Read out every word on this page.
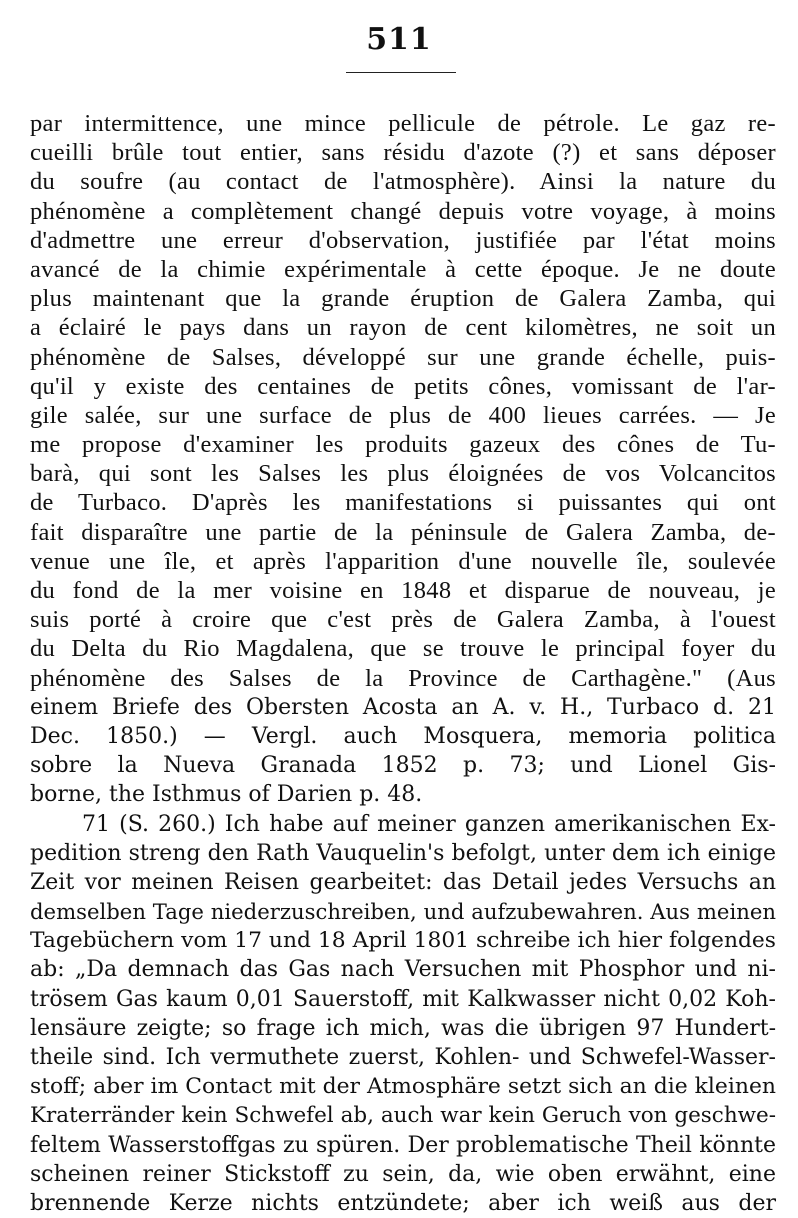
511
par intermittence, une mince pellicule de pétrole. Le gaz re-
cueilli brûle tout entier, sans résidu d'azote (?) et sans déposer
du soufre (au contact de l'atmosphère). Ainsi la nature du
phénomène a complètement changé depuis votre voyage, à moins
d'admettre une erreur d'observation, justifiée par l'état moins
avancé de la chimie expérimentale à cette époque. Je ne doute
plus maintenant que la grande éruption de Galera Zamba, qui
a éclairé le pays dans un rayon de cent kilomètres, ne soit un
phénomène de Salses, développé sur une grande échelle, puis-
qu'il y existe des centaines de petits cônes, vomissant de l'ar-
gile salée, sur une surface de plus de 400 lieues carrées. — Je
me propose d'examiner les produits gazeux des cônes de Tu-
barà, qui sont les Salses les plus éloignées de vos Volcancitos
de Turbaco. D'après les manifestations si puissantes qui ont
fait disparaître une partie de la péninsule de Galera Zamba, de-
venue une île, et après l'apparition d'une nouvelle île, soulevée
du fond de la mer voisine en 1848 et disparue de nouveau, je
suis porté à croire que c'est près de Galera Zamba, à l'ouest
du Delta du Rio Magdalena, que se trouve le principal foyer du
phénomène des Salses de la Province de Carthagène." (Aus
einem Briefe des Obersten Acosta an A. v. H., Turbaco d. 21
Dec. 1850.) — Vergl. auch Mosquera, memoria politica
sobre la Nueva Granada 1852 p. 73; und Lionel Gis-
borne, the Isthmus of Darien p. 48.
71 (S. 260.) Ich habe auf meiner ganzen amerikanischen Ex-
pedition streng den Rath Vauquelin's befolgt, unter dem ich einige
Zeit vor meinen Reisen gearbeitet: das Detail jedes Versuchs an
demselben Tage niederzuschreiben, und aufzubewahren. Aus meinen
Tagebüchern vom 17 und 18 April 1801 schreibe ich hier folgendes
ab: „Da demnach das Gas nach Versuchen mit Phosphor und ni-
trösem Gas kaum 0,01 Sauerstoff, mit Kalkwasser nicht 0,02 Koh-
lensäure zeigte; so frage ich mich, was die übrigen 97 Hundert-
theile sind. Ich vermuthete zuerst, Kohlen- und Schwefel-Wasser-
stoff; aber im Contact mit der Atmosphäre setzt sich an die kleinen
Kraterränder kein Schwefel ab, auch war kein Geruch von geschwe-
feltem Wasserstoffgas zu spüren. Der problematische Theil könnte
scheinen reiner Stickstoff zu sein, da, wie oben erwähnt, eine
brennende Kerze nichts entzündete; aber ich weiß aus der
